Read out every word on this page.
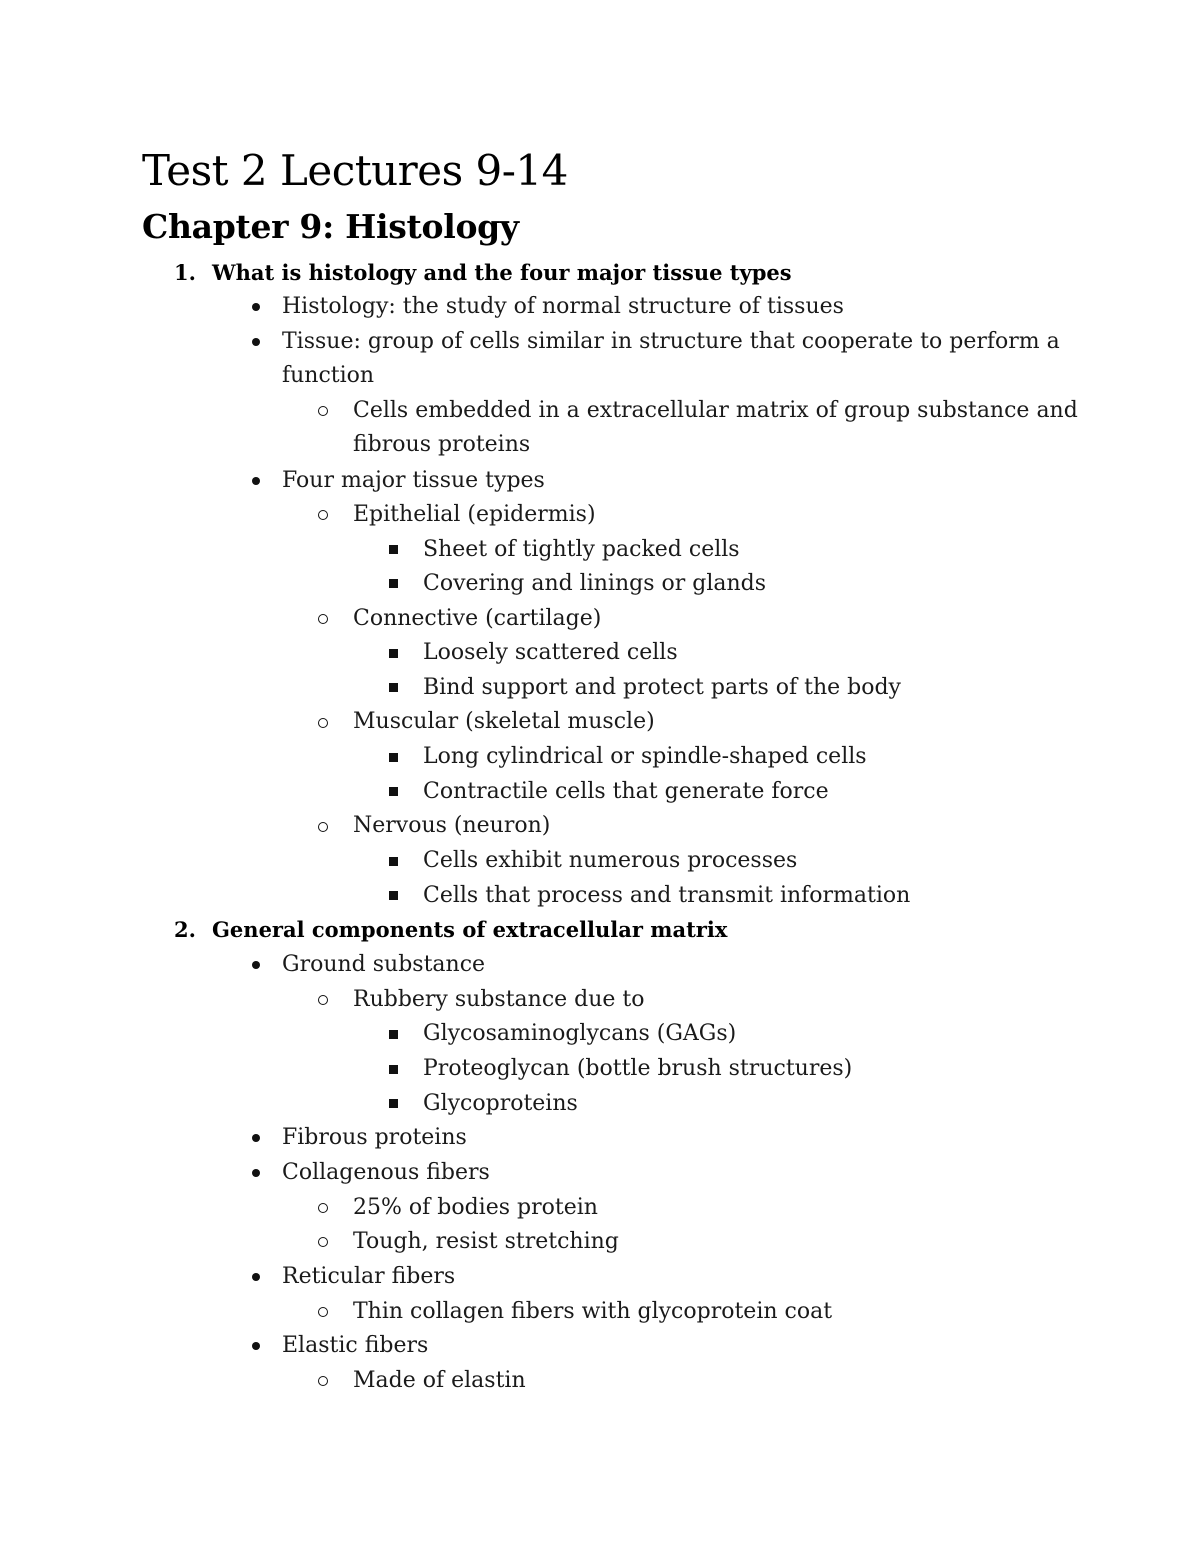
Test 2 Lectures 9-14
Chapter 9: Histology
1. What is histology and the four major tissue types
Histology: the study of normal structure of tissues
Tissue: group of cells similar in structure that cooperate to perform a
function
Cells embedded in a extracellular matrix of group substance and
fibrous proteins
Four major tissue types
Epithelial (epidermis)
Sheet of tightly packed cells
Covering and linings or glands
Connective (cartilage)
Loosely scattered cells
Bind support and protect parts of the body
Muscular (skeletal muscle)
Long cylindrical or spindle-shaped cells
Contractile cells that generate force
Nervous (neuron)
Cells exhibit numerous processes
Cells that process and transmit information
2. General components of extracellular matrix
Ground substance
Rubbery substance due to
Glycosaminoglycans (GAGs)
Proteoglycan (bottle brush structures)
Glycoproteins
Fibrous proteins
Collagenous fibers
25% of bodies protein
Tough, resist stretching
Reticular fibers
Thin collagen fibers with glycoprotein coat
Elastic fibers
Made of elastin
